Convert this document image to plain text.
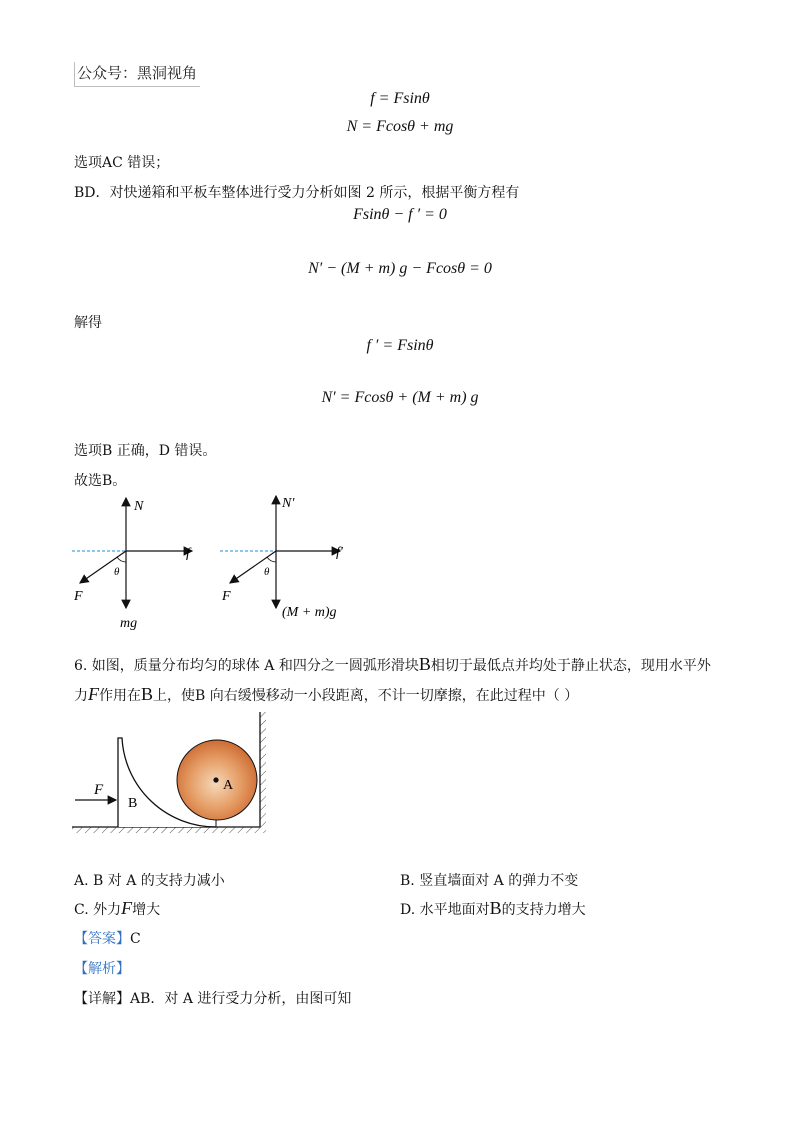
公众号：黑洞视角
f = Fsinθ
N = Fcosθ + mg
选项AC 错误；
BD．对快递箱和平板车整体进行受力分析如图 2 所示，根据平衡方程有
Fsinθ − f ′ = 0
N′ − (M + m) g − Fcosθ = 0
解得
f ′ = Fsinθ
N′ = Fcosθ + (M + m) g
选项B 正确，D 错误。
故选B。
N
f
θ
F
mg
N′
f′
θ
F
(M + m)g
6. 如图，质量分布均匀的球体 A 和四分之一圆弧形滑块B相切于最低点并均处于静止状态，现用水平外
力F作用在B上，使B 向右缓慢移动一小段距离，不计一切摩擦，在此过程中（ ）
F
B
A
A. B 对 A 的支持力减小	B. 竖直墙面对 A 的弹力不变
C. 外力F增大	D. 水平地面对B的支持力增大
【答案】C
【解析】
【详解】AB．对 A 进行受力分析，由图可知
